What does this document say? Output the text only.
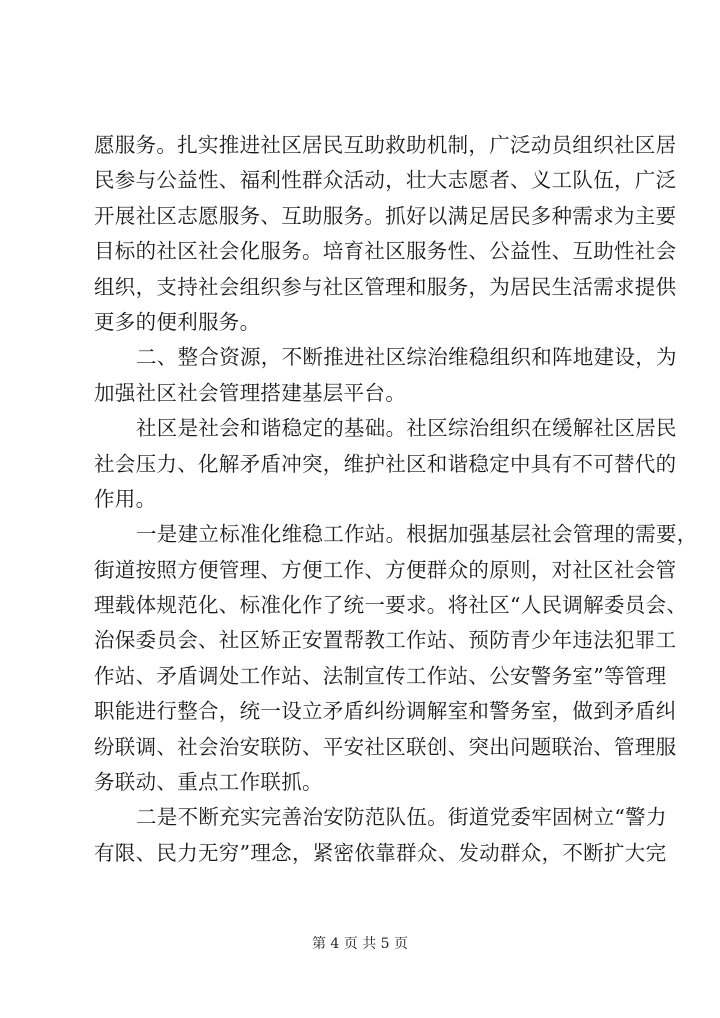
愿服务。扎实推进社区居民互助救助机制，广泛动员组织社区居
民参与公益性、福利性群众活动，壮大志愿者、义工队伍，广泛
开展社区志愿服务、互助服务。抓好以满足居民多种需求为主要
目标的社区社会化服务。培育社区服务性、公益性、互助性社会
组织，支持社会组织参与社区管理和服务，为居民生活需求提供
更多的便利服务。
二、整合资源，不断推进社区综治维稳组织和阵地建设，为
加强社区社会管理搭建基层平台。
社区是社会和谐稳定的基础。社区综治组织在缓解社区居民
社会压力、化解矛盾冲突，维护社区和谐稳定中具有不可替代的
作用。
一是建立标准化维稳工作站。根据加强基层社会管理的需要，
街道按照方便管理、方便工作、方便群众的原则，对社区社会管
理载体规范化、标准化作了统一要求。将社区“人民调解委员会、
治保委员会、社区矫正安置帮教工作站、预防青少年违法犯罪工
作站、矛盾调处工作站、法制宣传工作站、公安警务室”等管理
职能进行整合，统一设立矛盾纠纷调解室和警务室，做到矛盾纠
纷联调、社会治安联防、平安社区联创、突出问题联治、管理服
务联动、重点工作联抓。
二是不断充实完善治安防范队伍。街道党委牢固树立“警力
有限、民力无穷”理念，紧密依靠群众、发动群众，不断扩大完
第 4 页 共 5 页
